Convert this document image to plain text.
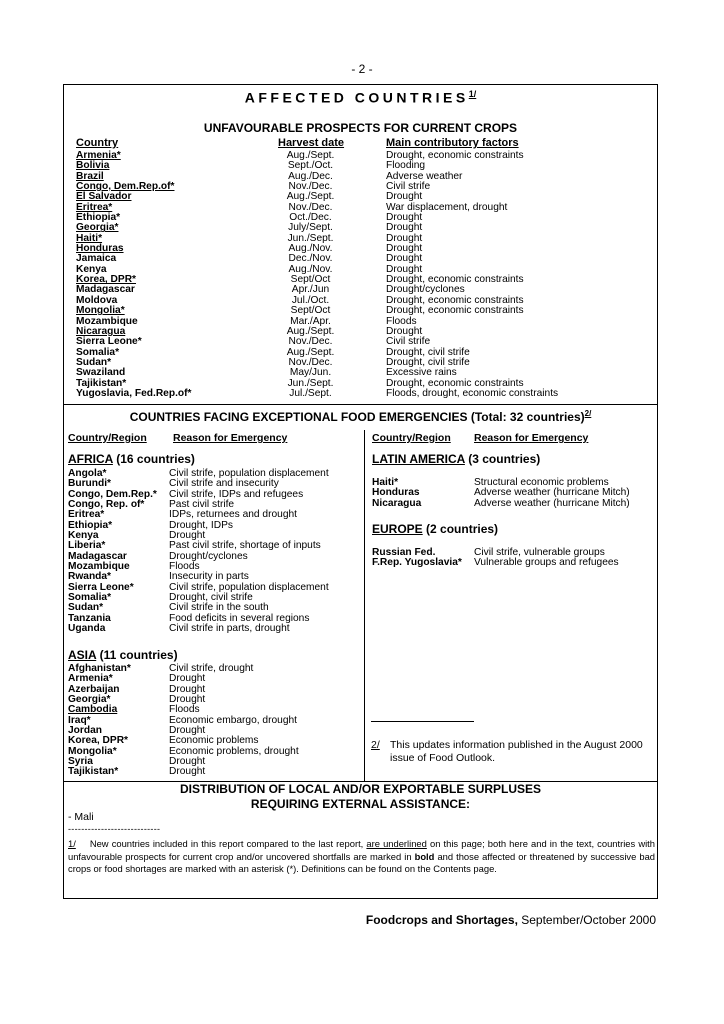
- 2 -
AFFECTED $COUNTRIES^{1/}$
UNFAVOURABLE PROSPECTS FOR CURRENT CROPS
Country	Harvest date	Main contributory factors
Armenia*	Aug./Sept.	Drought, economic constraints
Bolivia	Sept./Oct.	Flooding
Brazil	Aug./Dec.	Adverse weather
Congo, Dem.Rep.of*	Nov./Dec.	Civil strife
El Salvador	Aug./Sept.	Drought
Eritrea*	Nov./Dec.	War displacement, drought
Ethiopia*	Oct./Dec.	Drought
Georgia*	July/Sept.	Drought
Haiti*	Jun./Sept.	Drought
Honduras	Aug./Nov.	Drought
Jamaica	Dec./Nov.	Drought
Kenya	Aug./Nov.	Drought
Korea, DPR*	Sept/Oct	Drought, economic constraints
Madagascar	Apr./Jun	Drought/cyclones
Moldova	Jul./Oct.	Drought, economic constraints
Mongolia*	Sept/Oct	Drought, economic constraints
Mozambique	Mar./Apr.	Floods
Nicaragua	Aug./Sept.	Drought
Sierra Leone*	Nov./Dec.	Civil strife
Somalia*	Aug./Sept.	Drought, civil strife
Sudan*	Nov./Dec.	Drought, civil strife
Swaziland	May/Jun.	Excessive rains
Tajikistan*	Jun./Sept.	Drought, economic constraints
Yugoslavia, Fed.Rep.of*	Jul./Sept.	Floods, drought, economic constraints
COUNTRIES FACING EXCEPTIONAL FOOD EMERGENCIES (Total: 32 countries)$^{2/}$
Country/Region	Reason for Emergency	Country/Region Reason for Emergency
AFRICA (16 countries)
Angola*	Civil strife, population displacement
Burundi*	Civil strife and insecurity
Congo, Dem.Rep.* Civil strife, IDPs and refugees
Congo, Rep. of* Past civil strife
Eritrea*	IDPs, returnees and drought
Ethiopia*	Drought, IDPs
Kenya	Drought
Liberia*	Past civil strife, shortage of inputs
Madagascar	Drought/cyclones
Mozambique	Floods
Rwanda*	Insecurity in parts
Sierra Leone*	Civil strife, population displacement
Somalia*	Drought, civil strife
Sudan*	Civil strife in the south
Tanzania	Food deficits in several regions
Uganda	Civil strife in parts, drought
ASIA (11 countries)
Afghanistan*	Civil strife, drought
Armenia*	Drought
Azerbaijan	Drought
Georgia*	Drought
Cambodia	Floods
Iraq*	Economic embargo, drought
Jordan	Drought
Korea, DPR*	Economic problems
Mongolia*	Economic problems, drought
Syria	Drought
Tajikistan*	Drought
LATIN AMERICA (3 countries)
Haiti*	Structural economic problems
Honduras	Adverse weather (hurricane Mitch)
Nicaragua	Adverse weather (hurricane Mitch)
EUROPE (2 countries)
Russian Fed.	Civil strife, vulnerable groups
F.Rep. Yugoslavia* Vulnerable groups and refugees
2/ This updates information published in the August 2000 issue of Food Outlook.
DISTRIBUTION OF LOCAL AND/OR EXPORTABLE SURPLUSES
REQUIRING EXTERNAL ASSISTANCE:
- Mali
----------------------------
1/ New countries included in this report compared to the last report, are underlined on this page; both here and in the text, countries with unfavourable prospects for current crop and/or uncovered shortfalls are marked in bold and those affected or threatened by successive bad crops or food shortages are marked with an asterisk (*). Definitions can be found on the Contents page.
Foodcrops and Shortages, September/October 2000
